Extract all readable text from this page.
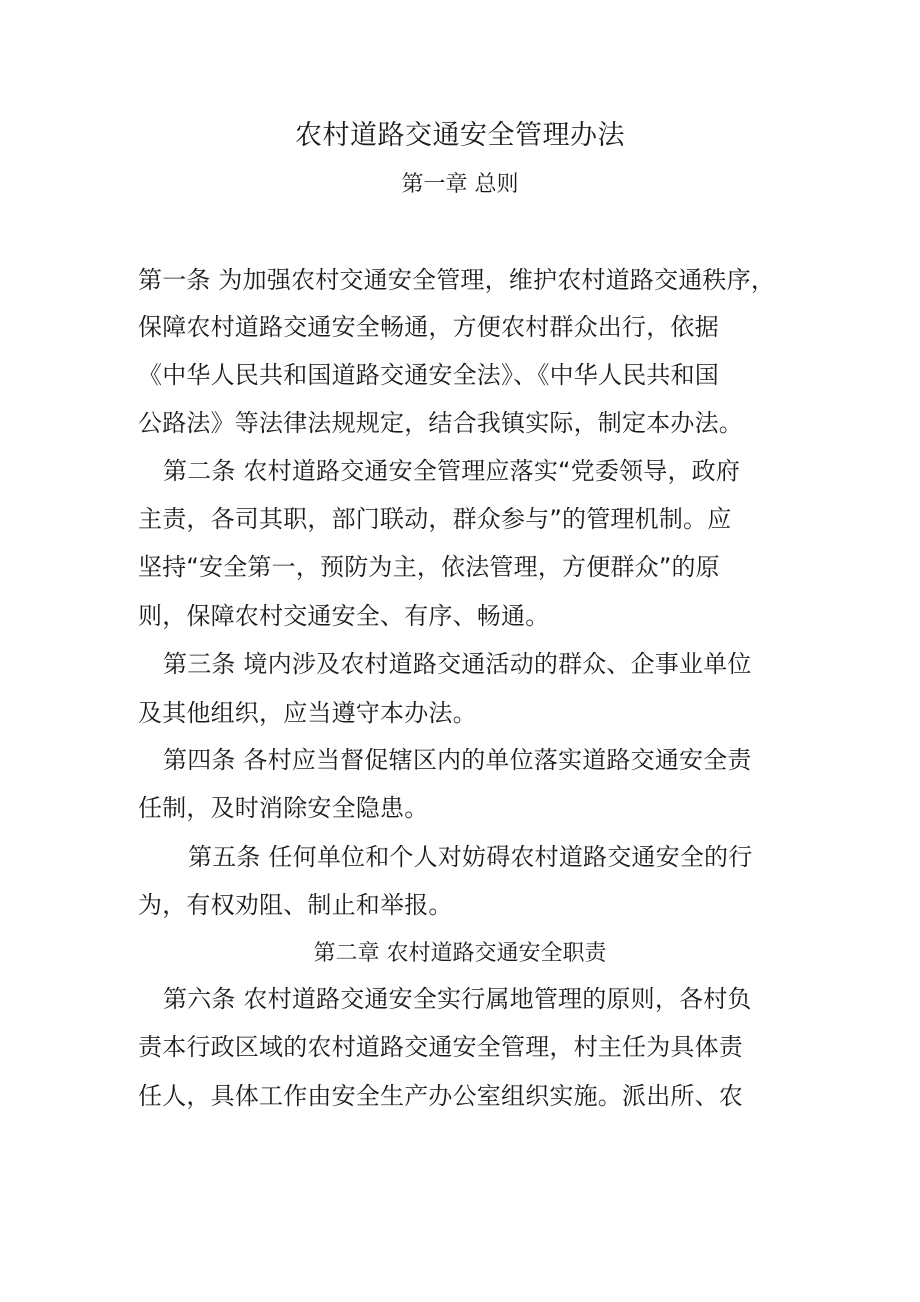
农村道路交通安全管理办法
第一章 总则
第一条 为加强农村交通安全管理，维护农村道路交通秩序，
保障农村道路交通安全畅通，方便农村群众出行，依据
《中华人民共和国道路交通安全法》、《中华人民共和国
公路法》等法律法规规定，结合我镇实际，制定本办法。
第二条 农村道路交通安全管理应落实“党委领导，政府
主责，各司其职，部门联动，群众参与”的管理机制。应
坚持“安全第一，预防为主，依法管理，方便群众”的原
则，保障农村交通安全、有序、畅通。
第三条 境内涉及农村道路交通活动的群众、企事业单位
及其他组织，应当遵守本办法。
第四条 各村应当督促辖区内的单位落实道路交通安全责
任制，及时消除安全隐患。
第五条 任何单位和个人对妨碍农村道路交通安全的行
为，有权劝阻、制止和举报。
第二章 农村道路交通安全职责
第六条 农村道路交通安全实行属地管理的原则，各村负
责本行政区域的农村道路交通安全管理，村主任为具体责
任人，具体工作由安全生产办公室组织实施。派出所、农
